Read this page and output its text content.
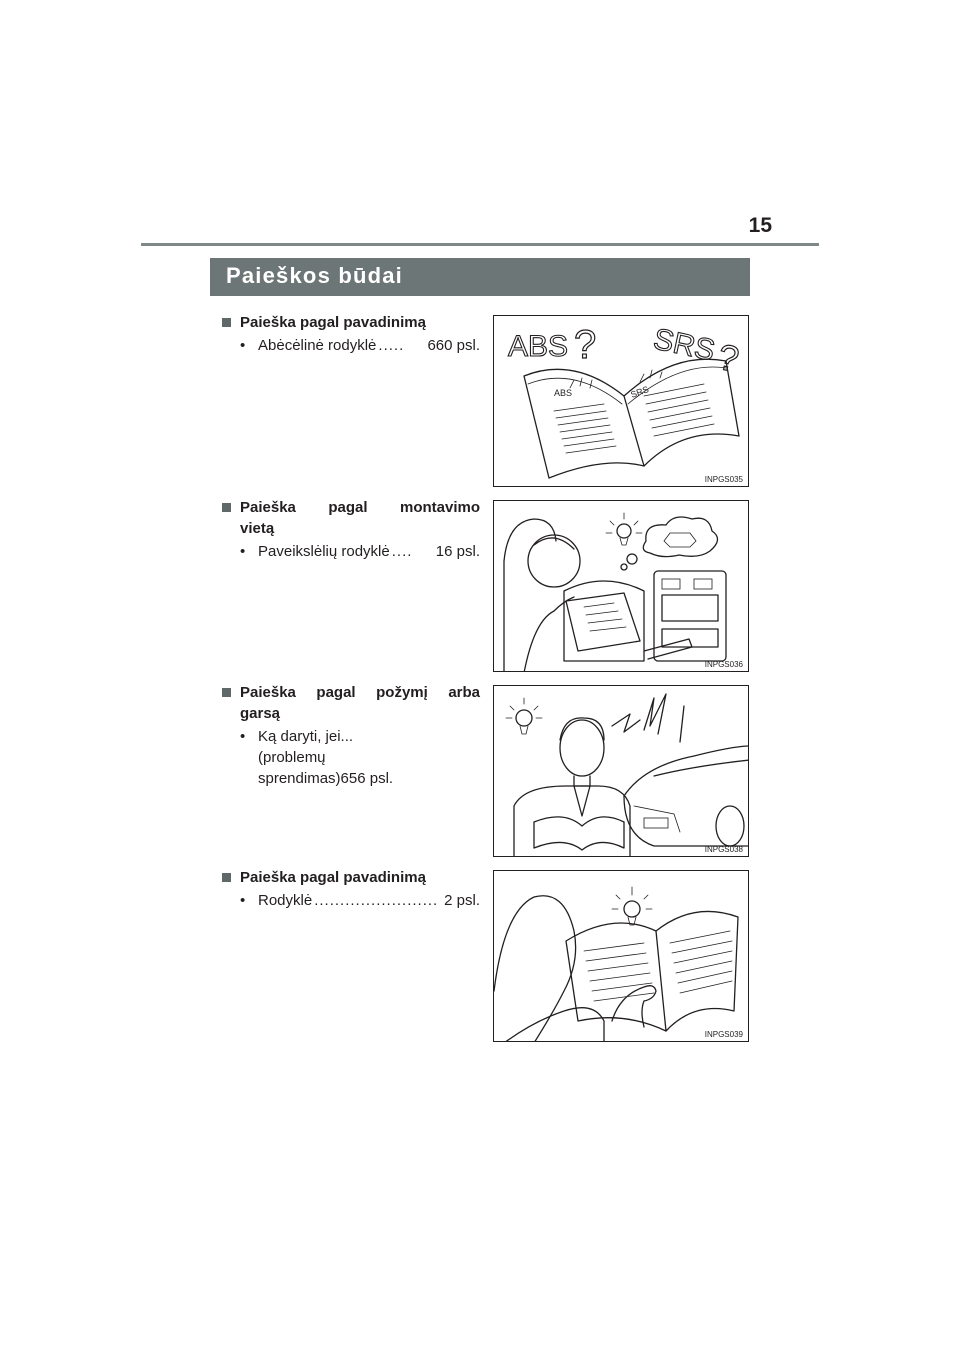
15
Paieškos būdai
Paieška pagal pavadinimą
• Abėcėlinė rodyklė .....	660 psl.
Paieška pagal montavimo
vietą
• Paveikslėlių rodyklė ....	16 psl.
Paieška pagal požymį arba
garsą
• Ką daryti, jei...
(problemų
sprendimas)656 psl.
Paieška pagal pavadinimą
• Rodyklė ........................ 2 psl.
ABS ? SRS
?
ABS	SRS
INPGS035
INPGS036
INPGS038
INPGS039
